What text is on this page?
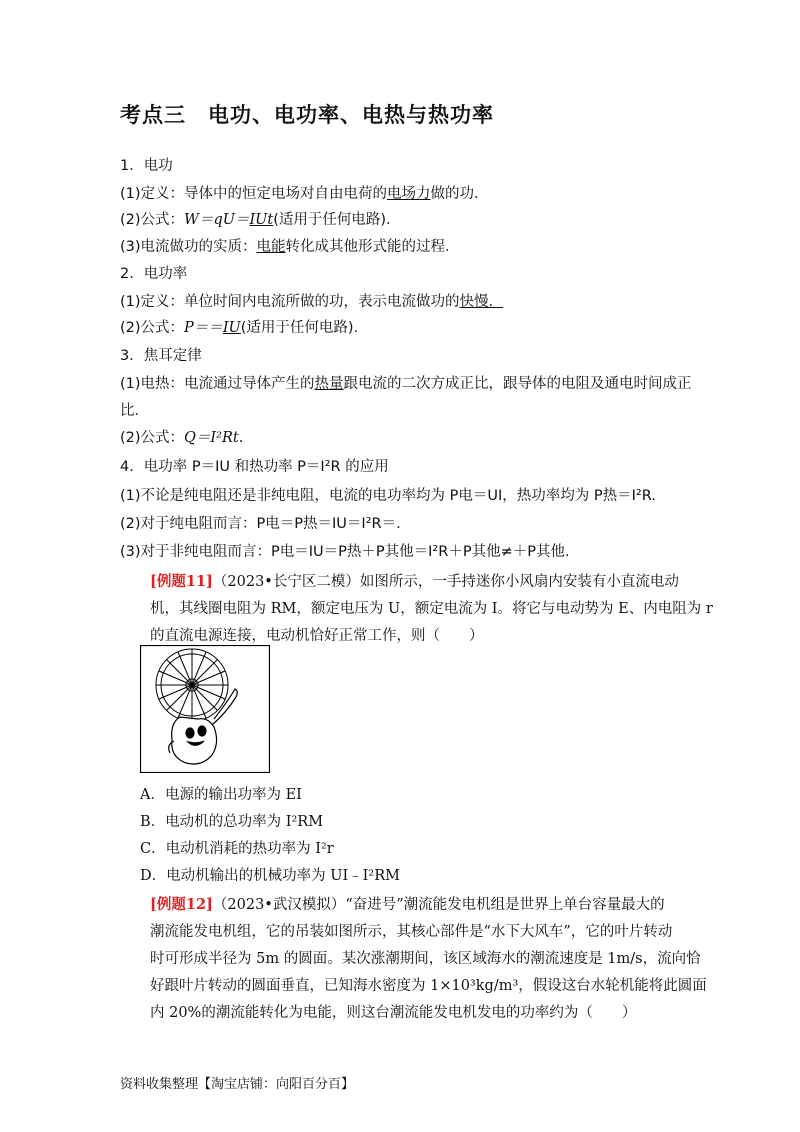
考点三　电功、电功率、电热与热功率
1．电功
(1)定义：导体中的恒定电场对自由电荷的电场力做的功．
(2)公式：W＝qU＝IUt(适用于任何电路)．
(3)电流做功的实质：电能转化成其他形式能的过程．
2．电功率
(1)定义：单位时间内电流所做的功，表示电流做功的快慢．
(2)公式：P＝＝IU(适用于任何电路)．
3．焦耳定律
(1)电热：电流通过导体产生的热量跟电流的二次方成正比，跟导体的电阻及通电时间成正
比．
(2)公式：Q＝I²Rt.
4．电功率 P＝IU 和热功率 P＝I²R 的应用
(1)不论是纯电阻还是非纯电阻，电流的电功率均为 P电＝UI，热功率均为 P热＝I²R.
(2)对于纯电阻而言：P电＝P热＝IU＝I²R＝.
(3)对于非纯电阻而言：P电＝IU＝P热＋P其他＝I²R＋P其他≠＋P其他.
[例题11]（2023•长宁区二模）如图所示，一手持迷你小风扇内安装有小直流电动
机，其线圈电阻为 RM，额定电压为 U，额定电流为 I。将它与电动势为 E、内电阻为 r
的直流电源连接，电动机恰好正常工作，则（　　）
A．电源的输出功率为 EI
B．电动机的总功率为 I²RM
C．电动机消耗的热功率为 I²r
D．电动机输出的机械功率为 UI﹣I²RM
[例题12]（2023•武汉模拟）“奋进号”潮流能发电机组是世界上单台容量最大的
潮流能发电机组，它的吊装如图所示，其核心部件是“水下大风车”，它的叶片转动
时可形成半径为 5m 的圆面。某次涨潮期间，该区域海水的潮流速度是 1m/s，流向恰
好跟叶片转动的圆面垂直，已知海水密度为 1×10³kg/m³，假设这台水轮机能将此圆面
内 20%的潮流能转化为电能，则这台潮流能发电机发电的功率约为（　　）
资料收集整理【淘宝店铺：向阳百分百】
